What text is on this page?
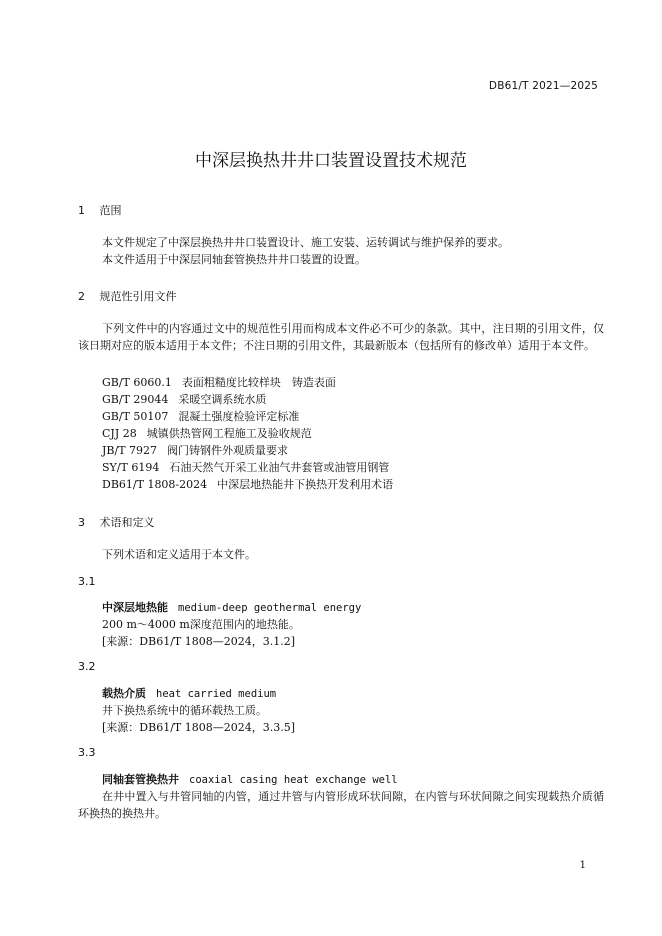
DB61/T 2021—2025
中深层换热井井口装置设置技术规范
1 范围
本文件规定了中深层换热井井口装置设计、施工安装、运转调试与维护保养的要求。
本文件适用于中深层同轴套管换热井井口装置的设置。
2 规范性引用文件
下列文件中的内容通过文中的规范性引用而构成本文件必不可少的条款。其中，注日期的引用文件，仅该日期对应的版本适用于本文件；不注日期的引用文件，其最新版本（包括所有的修改单）适用于本文件。
GB/T 6060.1 表面粗糙度比较样块　铸造表面
GB/T 29044 采暖空调系统水质
GB/T 50107 混凝土强度检验评定标准
CJJ 28 城镇供热管网工程施工及验收规范
JB/T 7927 阀门铸钢件外观质量要求
SY/T 6194 石油天然气开采工业油气井套管或油管用钢管
DB61/T 1808-2024 中深层地热能井下换热开发利用术语
3 术语和定义
下列术语和定义适用于本文件。
3.1
中深层地热能 medium-deep geothermal energy
200 m～4000 m深度范围内的地热能。
[来源：DB61/T 1808—2024，3.1.2]
3.2
载热介质 heat carried medium
井下换热系统中的循环载热工质。
[来源：DB61/T 1808—2024，3.3.5]
3.3
同轴套管换热井 coaxial casing heat exchange well
在井中置入与井管同轴的内管，通过井管与内管形成环状间隙，在内管与环状间隙之间实现载热介质循环换热的换热井。
1
